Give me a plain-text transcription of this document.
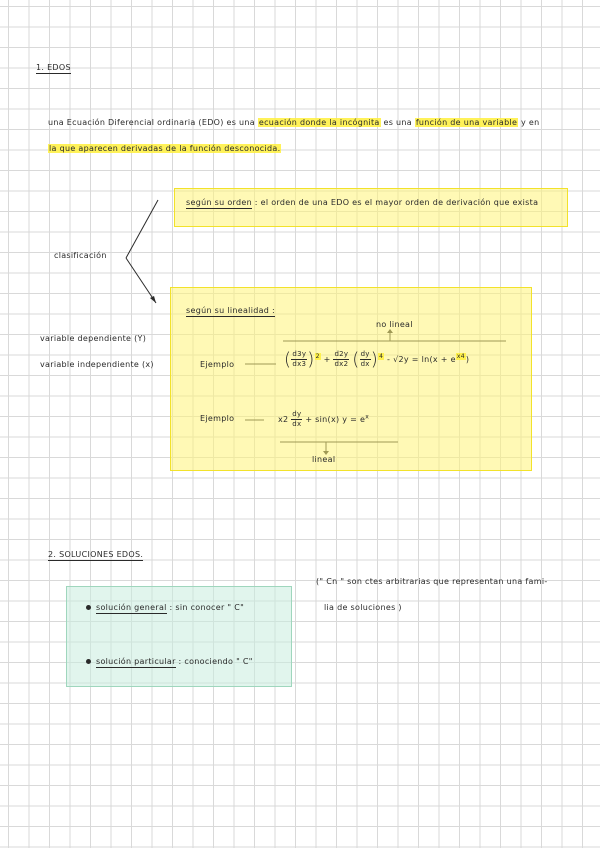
1. EDOS
una Ecuación Diferencial ordinaria (EDO) es una ecuación donde la incógnita es una función de una variable y en
la que aparecen derivadas de la función desconocida.
clasificación
según su orden : el orden de una EDO es el mayor orden de derivación que exista
según su linealidad :
no lineal
Ejemplo	( $\frac{d3y}{dx3} )^2 + \frac{d2y}{dx2}$ ( $\frac{dy}{dx} )^4 - √2y = \ln(x + e^{x4})$
Ejemplo	$x2 \frac{dy}{dx} + \sin(x) y = e^x$
lineal
variable dependiente (Y)
variable independiente (x)
2. SOLUCIONES EDOS.
solución general : sin conocer " C"
solución particular : conociendo " C"
(" Cn " son ctes arbitrarias que representan una fami-
lia de soluciones )
